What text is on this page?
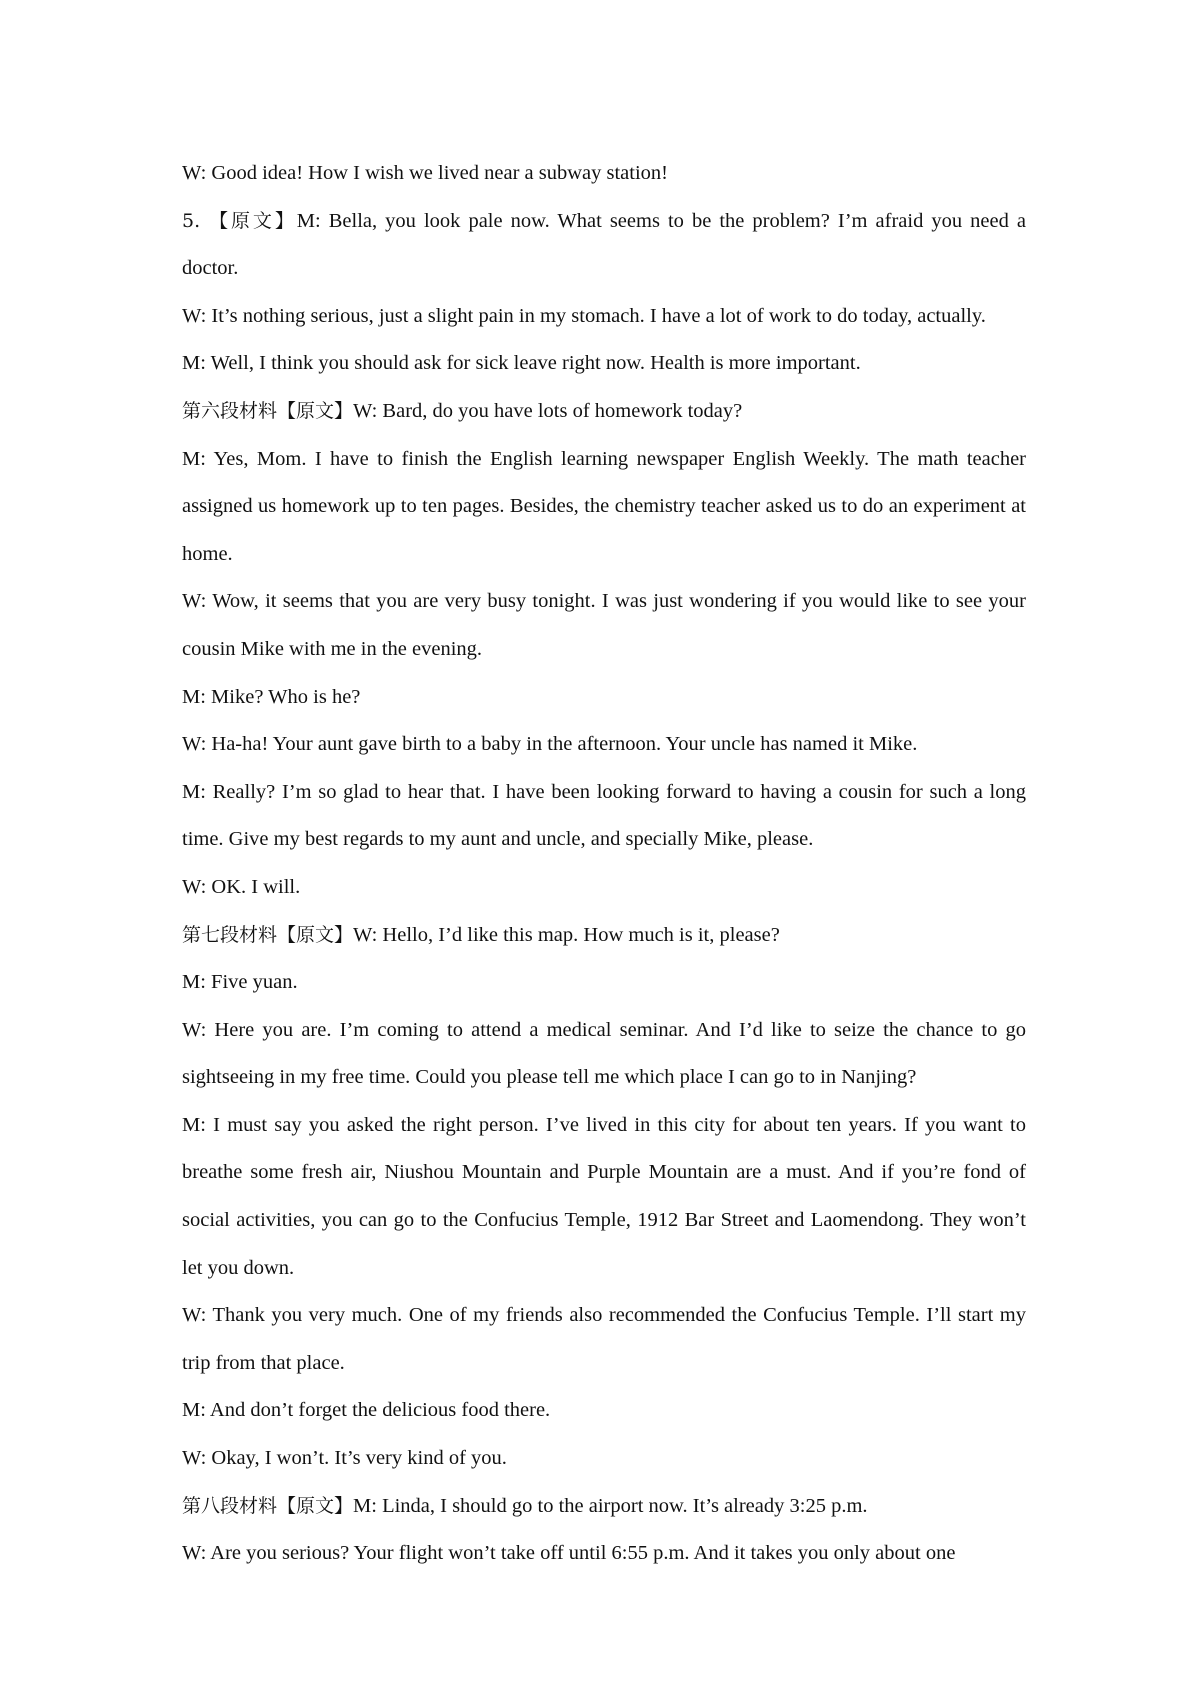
W: Good idea! How I wish we lived near a subway station!

5. 【原文】M: Bella, you look pale now. What seems to be the problem? I’m afraid you need a doctor.

W: It’s nothing serious, just a slight pain in my stomach. I have a lot of work to do today, actually.

M: Well, I think you should ask for sick leave right now. Health is more important.

第六段材料【原文】W: Bard, do you have lots of homework today?

M: Yes, Mom. I have to finish the English learning newspaper English Weekly. The math teacher assigned us homework up to ten pages. Besides, the chemistry teacher asked us to do an experiment at home.

W: Wow, it seems that you are very busy tonight. I was just wondering if you would like to see your cousin Mike with me in the evening.

M: Mike? Who is he?

W: Ha-ha! Your aunt gave birth to a baby in the afternoon. Your uncle has named it Mike.

M: Really? I’m so glad to hear that. I have been looking forward to having a cousin for such a long time. Give my best regards to my aunt and uncle, and specially Mike, please.

W: OK. I will.

第七段材料【原文】W: Hello, I’d like this map. How much is it, please?

M: Five yuan.

W: Here you are. I’m coming to attend a medical seminar. And I’d like to seize the chance to go sightseeing in my free time. Could you please tell me which place I can go to in Nanjing?

M: I must say you asked the right person. I’ve lived in this city for about ten years. If you want to breathe some fresh air, Niushou Mountain and Purple Mountain are a must. And if you’re fond of social activities, you can go to the Confucius Temple, 1912 Bar Street and Laomendong. They won’t let you down.

W: Thank you very much. One of my friends also recommended the Confucius Temple. I’ll start my trip from that place.

M: And don’t forget the delicious food there.

W: Okay, I won’t. It’s very kind of you.

第八段材料【原文】M: Linda, I should go to the airport now. It’s already 3:25 p.m.

W: Are you serious? Your flight won’t take off until 6:55 p.m. And it takes you only about one
